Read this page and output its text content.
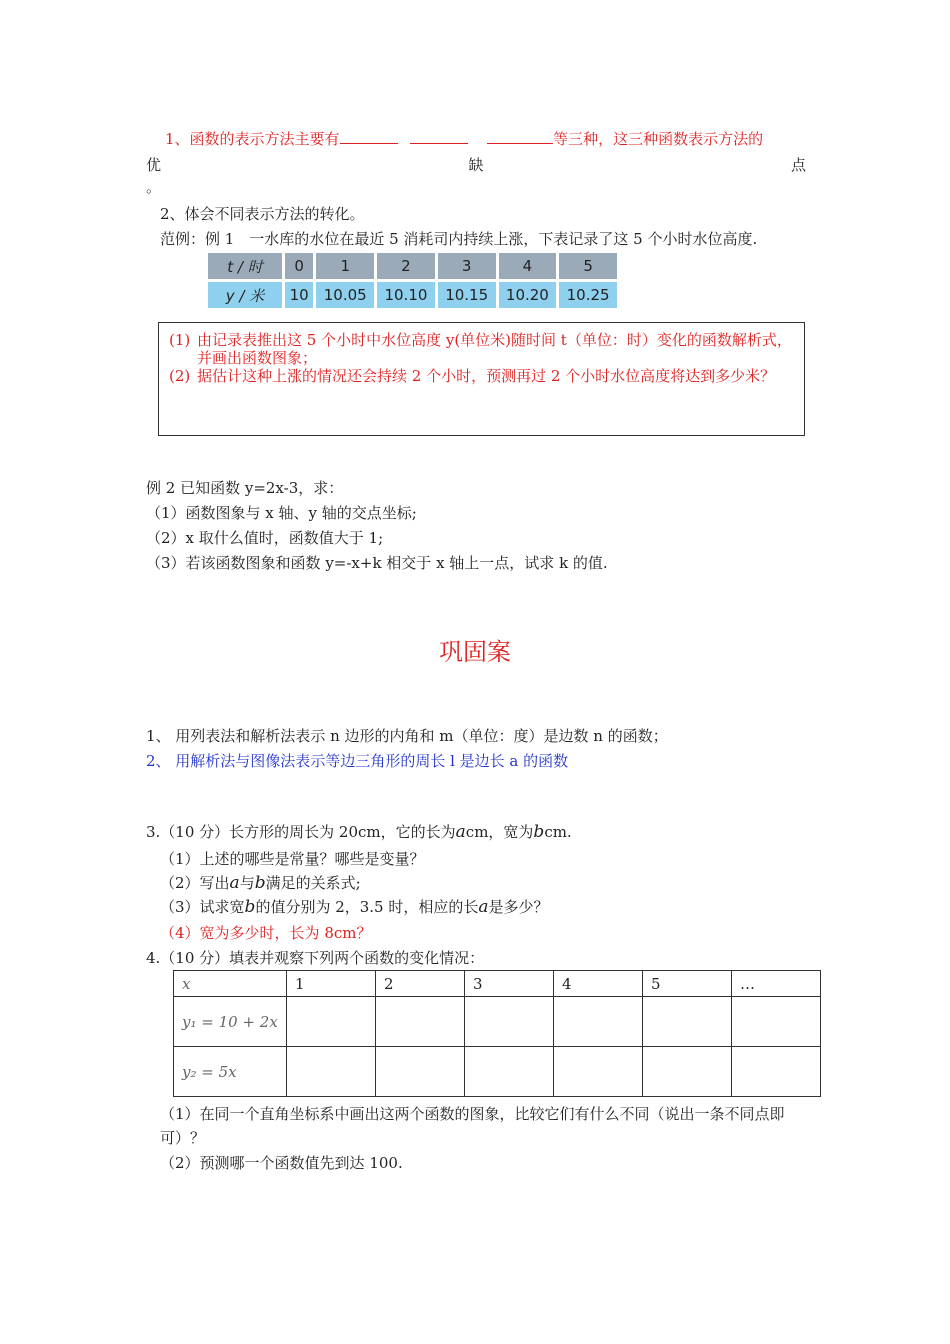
1、函数的表示方法主要有	等三种，这三种函数表示方法的
优	缺	点
。
2、体会不同表示方法的转化。
范例：例 1　一水库的水位在最近 5 消耗司内持续上涨，下表记录了这 5 个小时水位高度.
t / 时	0	1	2	3	4	5
y / 米	10	10.05	10.10	10.15	10.20	10.25
(1) 由记录表推出这 5 个小时中水位高度 y(单位米)随时间 t（单位：时）变化的函数解析式，并画出函数图象；
(2) 据估计这种上涨的情况还会持续 2 个小时，预测再过 2 个小时水位高度将达到多少米？
例 2 已知函数 y=2x-3，求：
（1）函数图象与 x 轴、y 轴的交点坐标;
（2）x 取什么值时，函数值大于 1;
（3）若该函数图象和函数 y=-x+k 相交于 x 轴上一点，试求 k 的值.
巩固案
1、 用列表法和解析法表示 n 边形的内角和 m（单位：度）是边数 n 的函数；
2、 用解析法与图像法表示等边三角形的周长 l 是边长 a 的函数
3.（10 分）长方形的周长为 20cm，它的长为acm，宽为bcm.
（1）上述的哪些是常量？哪些是变量？
（2）写出a与b满足的关系式;
（3）试求宽b的值分别为 2，3.5 时，相应的长a是多少？
（4）宽为多少时，长为 8cm？
4.（10 分）填表并观察下列两个函数的变化情况：
x	1	2	3	4	5	…
y₁ = 10 + 2x						
y₂ = 5x						
（1）在同一个直角坐标系中画出这两个函数的图象，比较它们有什么不同（说出一条不同点即可）？
（2）预测哪一个函数值先到达 100.
